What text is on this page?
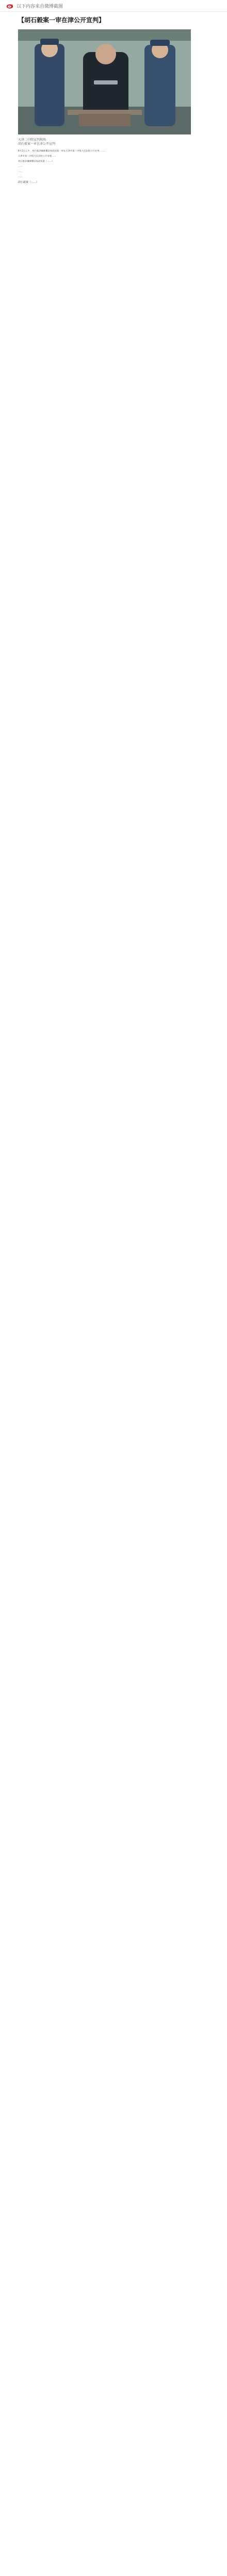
以下内容来自微博截图
【胡石毅案一审在津公开宣判】
天津二中院宣判现场
胡石毅案一审在津公开宣判

8月3日上午，胡石毅涉嫌颠覆国家政权案一审在天津市第二中级人民法院公开宣判。……

天津市第二中级人民法院公开审理……

胡石毅涉嫌颠覆国家政权案（……）

……

……

……

胡石毅案（……）
